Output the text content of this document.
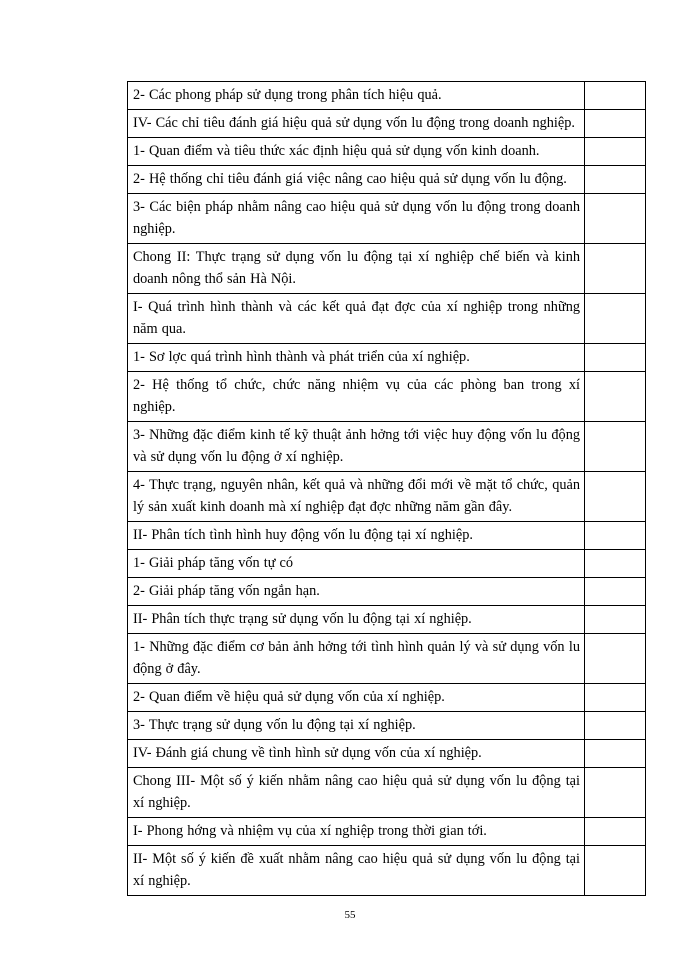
2- Các phong pháp sử dụng trong phân tích hiệu quả.	
IV- Các chỉ tiêu đánh giá hiệu quả sử dụng vốn lu động trong doanh nghiệp.	
1- Quan điểm và tiêu thức xác định hiệu quả sử dụng vốn kinh doanh.	
2- Hệ thống chỉ tiêu đánh giá việc nâng cao hiệu quả sử dụng vốn lu động.	
3- Các biện pháp nhằm nâng cao hiệu quả sử dụng vốn lu động trong doanh nghiệp.	
Chong II: Thực trạng sử dụng vốn lu động tại xí nghiệp chế biến và kinh doanh nông thổ sản Hà Nội.	
I- Quá trình hình thành và các kết quả đạt đợc của xí nghiệp trong những năm qua.	
1- Sơ lợc quá trình hình thành và phát triển của xí nghiệp.	
2- Hệ thống tổ chức, chức năng nhiệm vụ của các phòng ban trong xí nghiệp.	
3- Những đặc điểm kinh tế kỹ thuật ảnh hởng tới việc huy động vốn lu động và sử dụng vốn lu động ở xí nghiệp.	
4- Thực trạng, nguyên nhân, kết quả và những đổi mới về mặt tổ chức, quản lý sản xuất kinh doanh mà xí nghiệp đạt đợc những năm gần đây.	
II- Phân tích tình hình huy động vốn lu động tại xí nghiệp.	
1- Giải pháp tăng vốn tự có	
2- Giải pháp tăng vốn ngắn hạn.	
II- Phân tích thực trạng sử dụng vốn lu động tại xí nghiệp.	
1- Những đặc điểm cơ bản ảnh hởng tới tình hình quản lý và sử dụng vốn lu động ở đây.	
2- Quan điểm về hiệu quả sử dụng vốn của xí nghiệp.	
3- Thực trạng sử dụng vốn lu động tại xí nghiệp.	
IV- Đánh giá chung về tình hình sử dụng vốn của xí nghiệp.	
Chong III- Một số ý kiến nhằm nâng cao hiệu quả sử dụng vốn lu động tại xí nghiệp.	
I- Phong hớng và nhiệm vụ của xí nghiệp trong thời gian tới.	
II- Một số ý kiến đề xuất nhằm nâng cao hiệu quả sử dụng vốn lu động tại xí nghiệp.	
55
